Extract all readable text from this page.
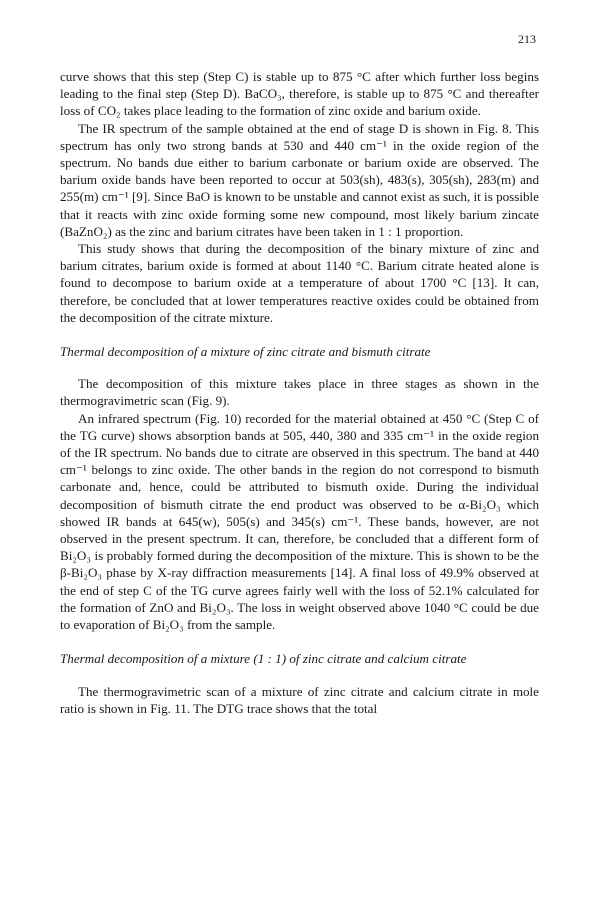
213

curve shows that this step (Step C) is stable up to 875 °C after which further loss begins leading to the final step (Step D). BaCO₃, therefore, is stable up to 875 °C and thereafter loss of CO₂ takes place leading to the formation of zinc oxide and barium oxide.

The IR spectrum of the sample obtained at the end of stage D is shown in Fig. 8. This spectrum has only two strong bands at 530 and 440 cm⁻¹ in the oxide region of the spectrum. No bands due either to barium carbonate or barium oxide are observed. The barium oxide bands have been reported to occur at 503(sh), 483(s), 305(sh), 283(m) and 255(m) cm⁻¹ [9]. Since BaO is known to be unstable and cannot exist as such, it is possible that it reacts with zinc oxide forming some new compound, most likely barium zincate (BaZnO₂) as the zinc and barium citrates have been taken in 1 : 1 proportion.

This study shows that during the decomposition of the binary mixture of zinc and barium citrates, barium oxide is formed at about 1140 °C. Barium citrate heated alone is found to decompose to barium oxide at a temperature of about 1700 °C [13]. It can, therefore, be concluded that at lower temperatures reactive oxides could be obtained from the decomposition of the citrate mixture.

Thermal decomposition of a mixture of zinc citrate and bismuth citrate

The decomposition of this mixture takes place in three stages as shown in the thermogravimetric scan (Fig. 9).

An infrared spectrum (Fig. 10) recorded for the material obtained at 450 °C (Step C of the TG curve) shows absorption bands at 505, 440, 380 and 335 cm⁻¹ in the oxide region of the IR spectrum. No bands due to citrate are observed in this spectrum. The band at 440 cm⁻¹ belongs to zinc oxide. The other bands in the region do not correspond to bismuth carbonate and, hence, could be attributed to bismuth oxide. During the individual decomposition of bismuth citrate the end product was observed to be α-Bi₂O₃ which showed IR bands at 645(w), 505(s) and 345(s) cm⁻¹. These bands, however, are not observed in the present spectrum. It can, therefore, be concluded that a different form of Bi₂O₃ is probably formed during the decomposition of the mixture. This is shown to be the β-Bi₂O₃ phase by X-ray diffraction measurements [14]. A final loss of 49.9% observed at the end of step C of the TG curve agrees fairly well with the loss of 52.1% calculated for the formation of ZnO and Bi₂O₃. The loss in weight observed above 1040 °C could be due to evaporation of Bi₂O₃ from the sample.

Thermal decomposition of a mixture (1 : 1) of zinc citrate and calcium citrate

The thermogravimetric scan of a mixture of zinc citrate and calcium citrate in mole ratio is shown in Fig. 11. The DTG trace shows that the total
